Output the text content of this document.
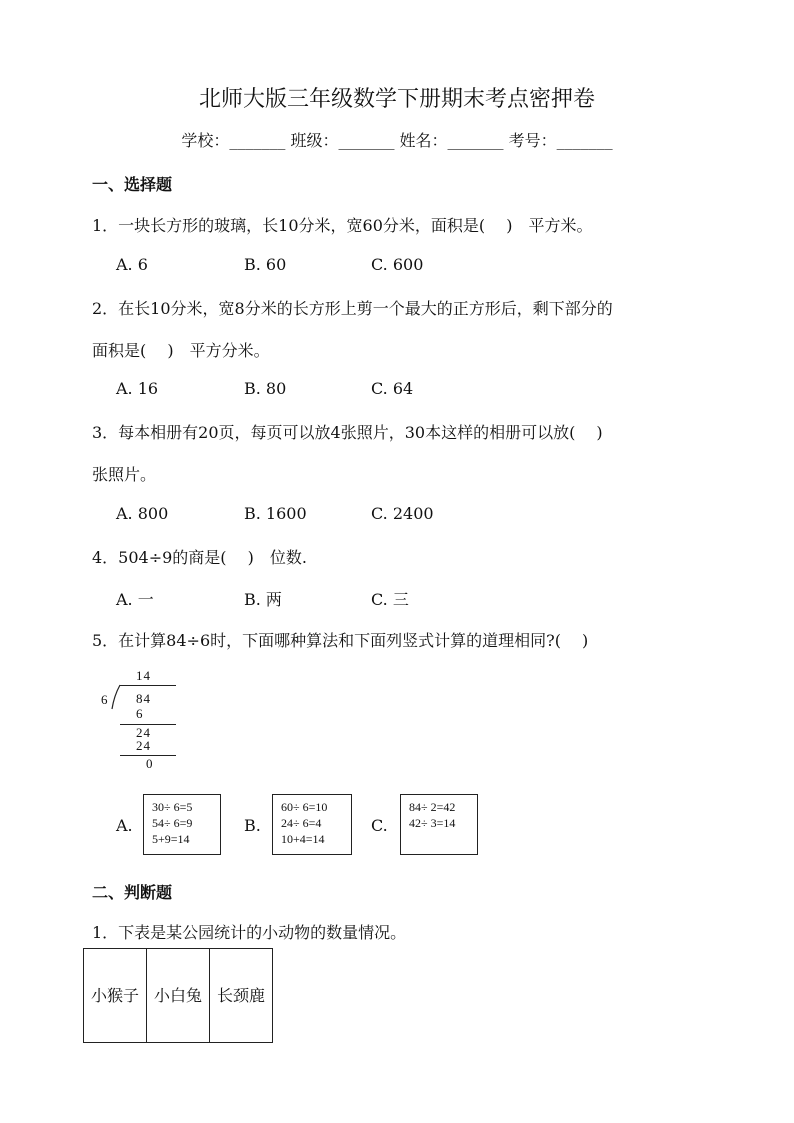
北师大版三年级数学下册期末考点密押卷
学校：_______ 班级：_______ 姓名：_______ 考号：_______
一、选择题
1．一块长方形的玻璃，长10分米，宽60分米，面积是(　 )　平方米。
A. 6	B. 60	C. 600
2．在长10分米，宽8分米的长方形上剪一个最大的正方形后，剩下部分的
面积是(　 )　平方分米。
A. 16	B. 80	C. 64
3．每本相册有20页，每页可以放4张照片，30本这样的相册可以放(　 )
张照片。
A. 800	B. 1600	C. 2400
4．504÷9的商是(　 )　位数.
A. 一	B. 两	C. 三
5．在计算84÷6时，下面哪种算法和下面列竖式计算的道理相同?(　 )
14
6 84
6
24
24
0
A.
30÷ 6=5
54÷ 6=9
5+9=14
B.
60÷ 6=10
24÷ 6=4
10+4=14
C.
84÷ 2=42
42÷ 3=14
二、判断题
1．下表是某公园统计的小动物的数量情况。
小猴子	小白兔	长颈鹿
